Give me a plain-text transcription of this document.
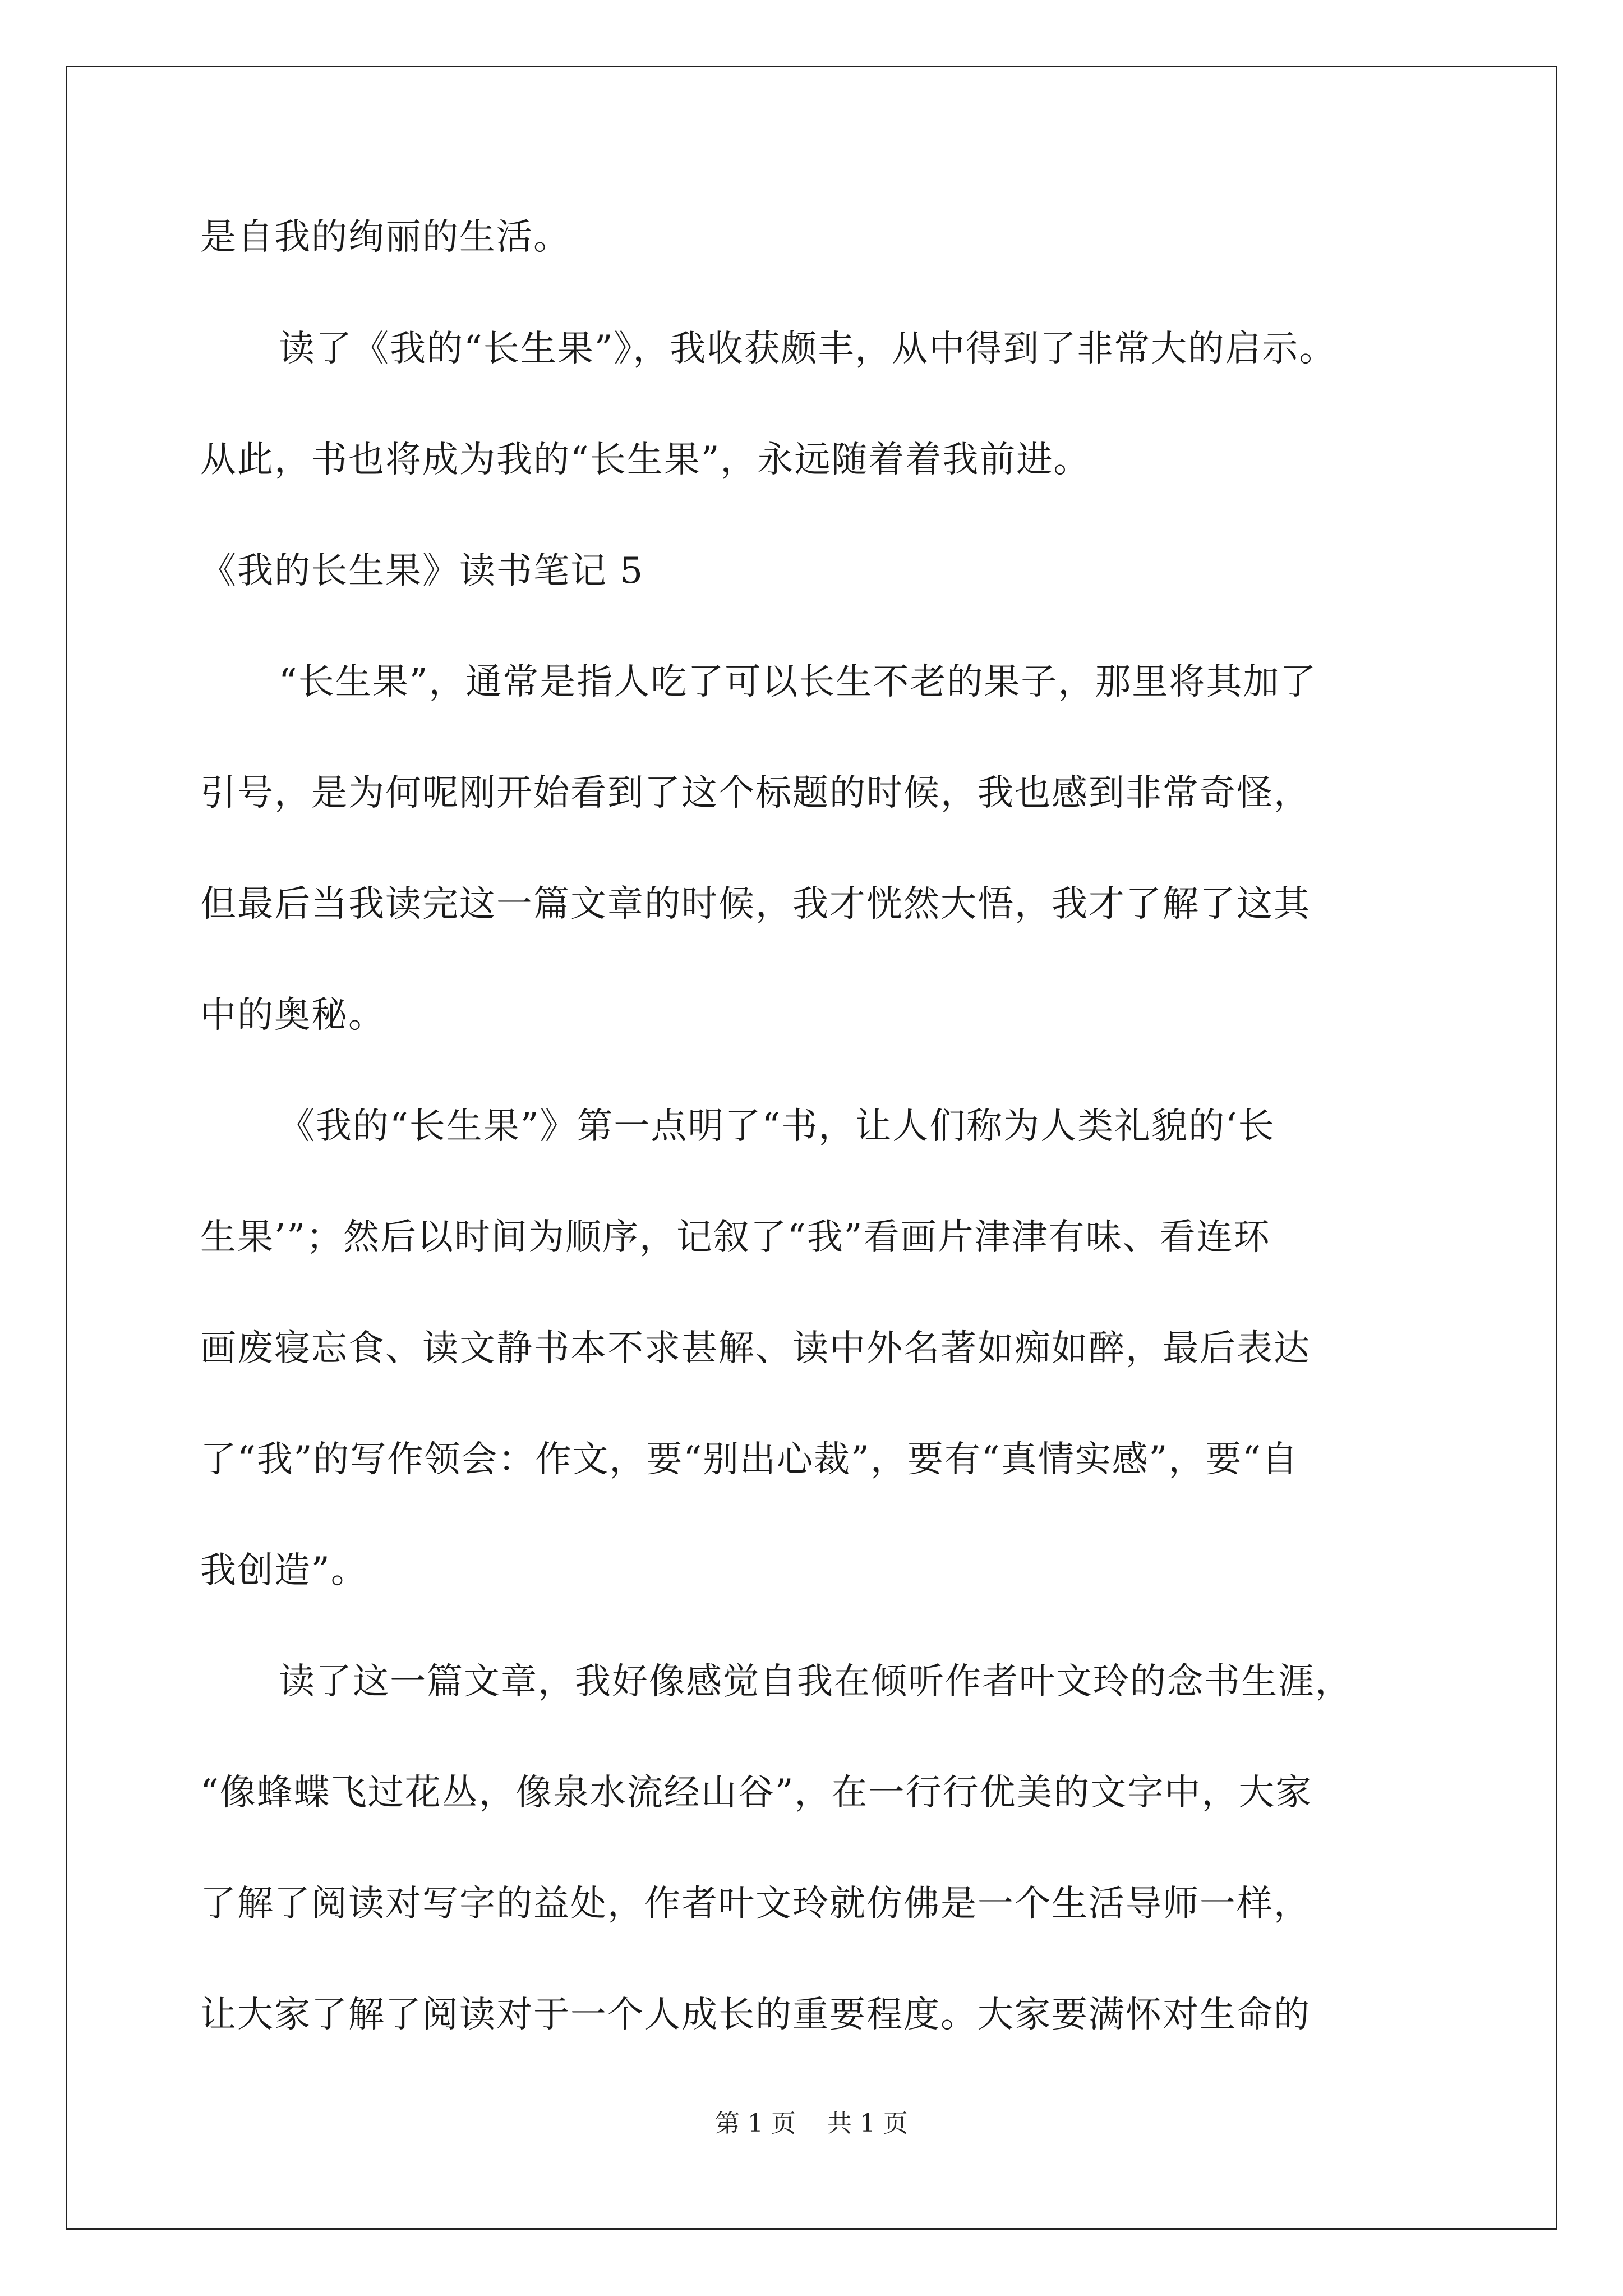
是自我的绚丽的生活。
读了《我的“长生果”》，我收获颇丰，从中得到了非常大的启示。
从此，书也将成为我的“长生果”，永远随着着我前进。
《我的长生果》读书笔记 5
“长生果”，通常是指人吃了可以长生不老的果子，那里将其加了
引号，是为何呢刚开始看到了这个标题的时候，我也感到非常奇怪，
但最后当我读完这一篇文章的时候，我才恍然大悟，我才了解了这其
中的奥秘。
《我的“长生果”》第一点明了“书，让人们称为人类礼貌的‘长
生果’”；然后以时间为顺序，记叙了“我”看画片津津有味、看连环
画废寝忘食、读文静书本不求甚解、读中外名著如痴如醉，最后表达
了“我”的写作领会：作文，要“别出心裁”，要有“真情实感”，要“自
我创造”。
读了这一篇文章，我好像感觉自我在倾听作者叶文玲的念书生涯，
“像蜂蝶飞过花丛，像泉水流经山谷”，在一行行优美的文字中，大家
了解了阅读对写字的益处，作者叶文玲就仿佛是一个生活导师一样，
让大家了解了阅读对于一个人成长的重要程度。大家要满怀对生命的
第 1 页    共 1 页
